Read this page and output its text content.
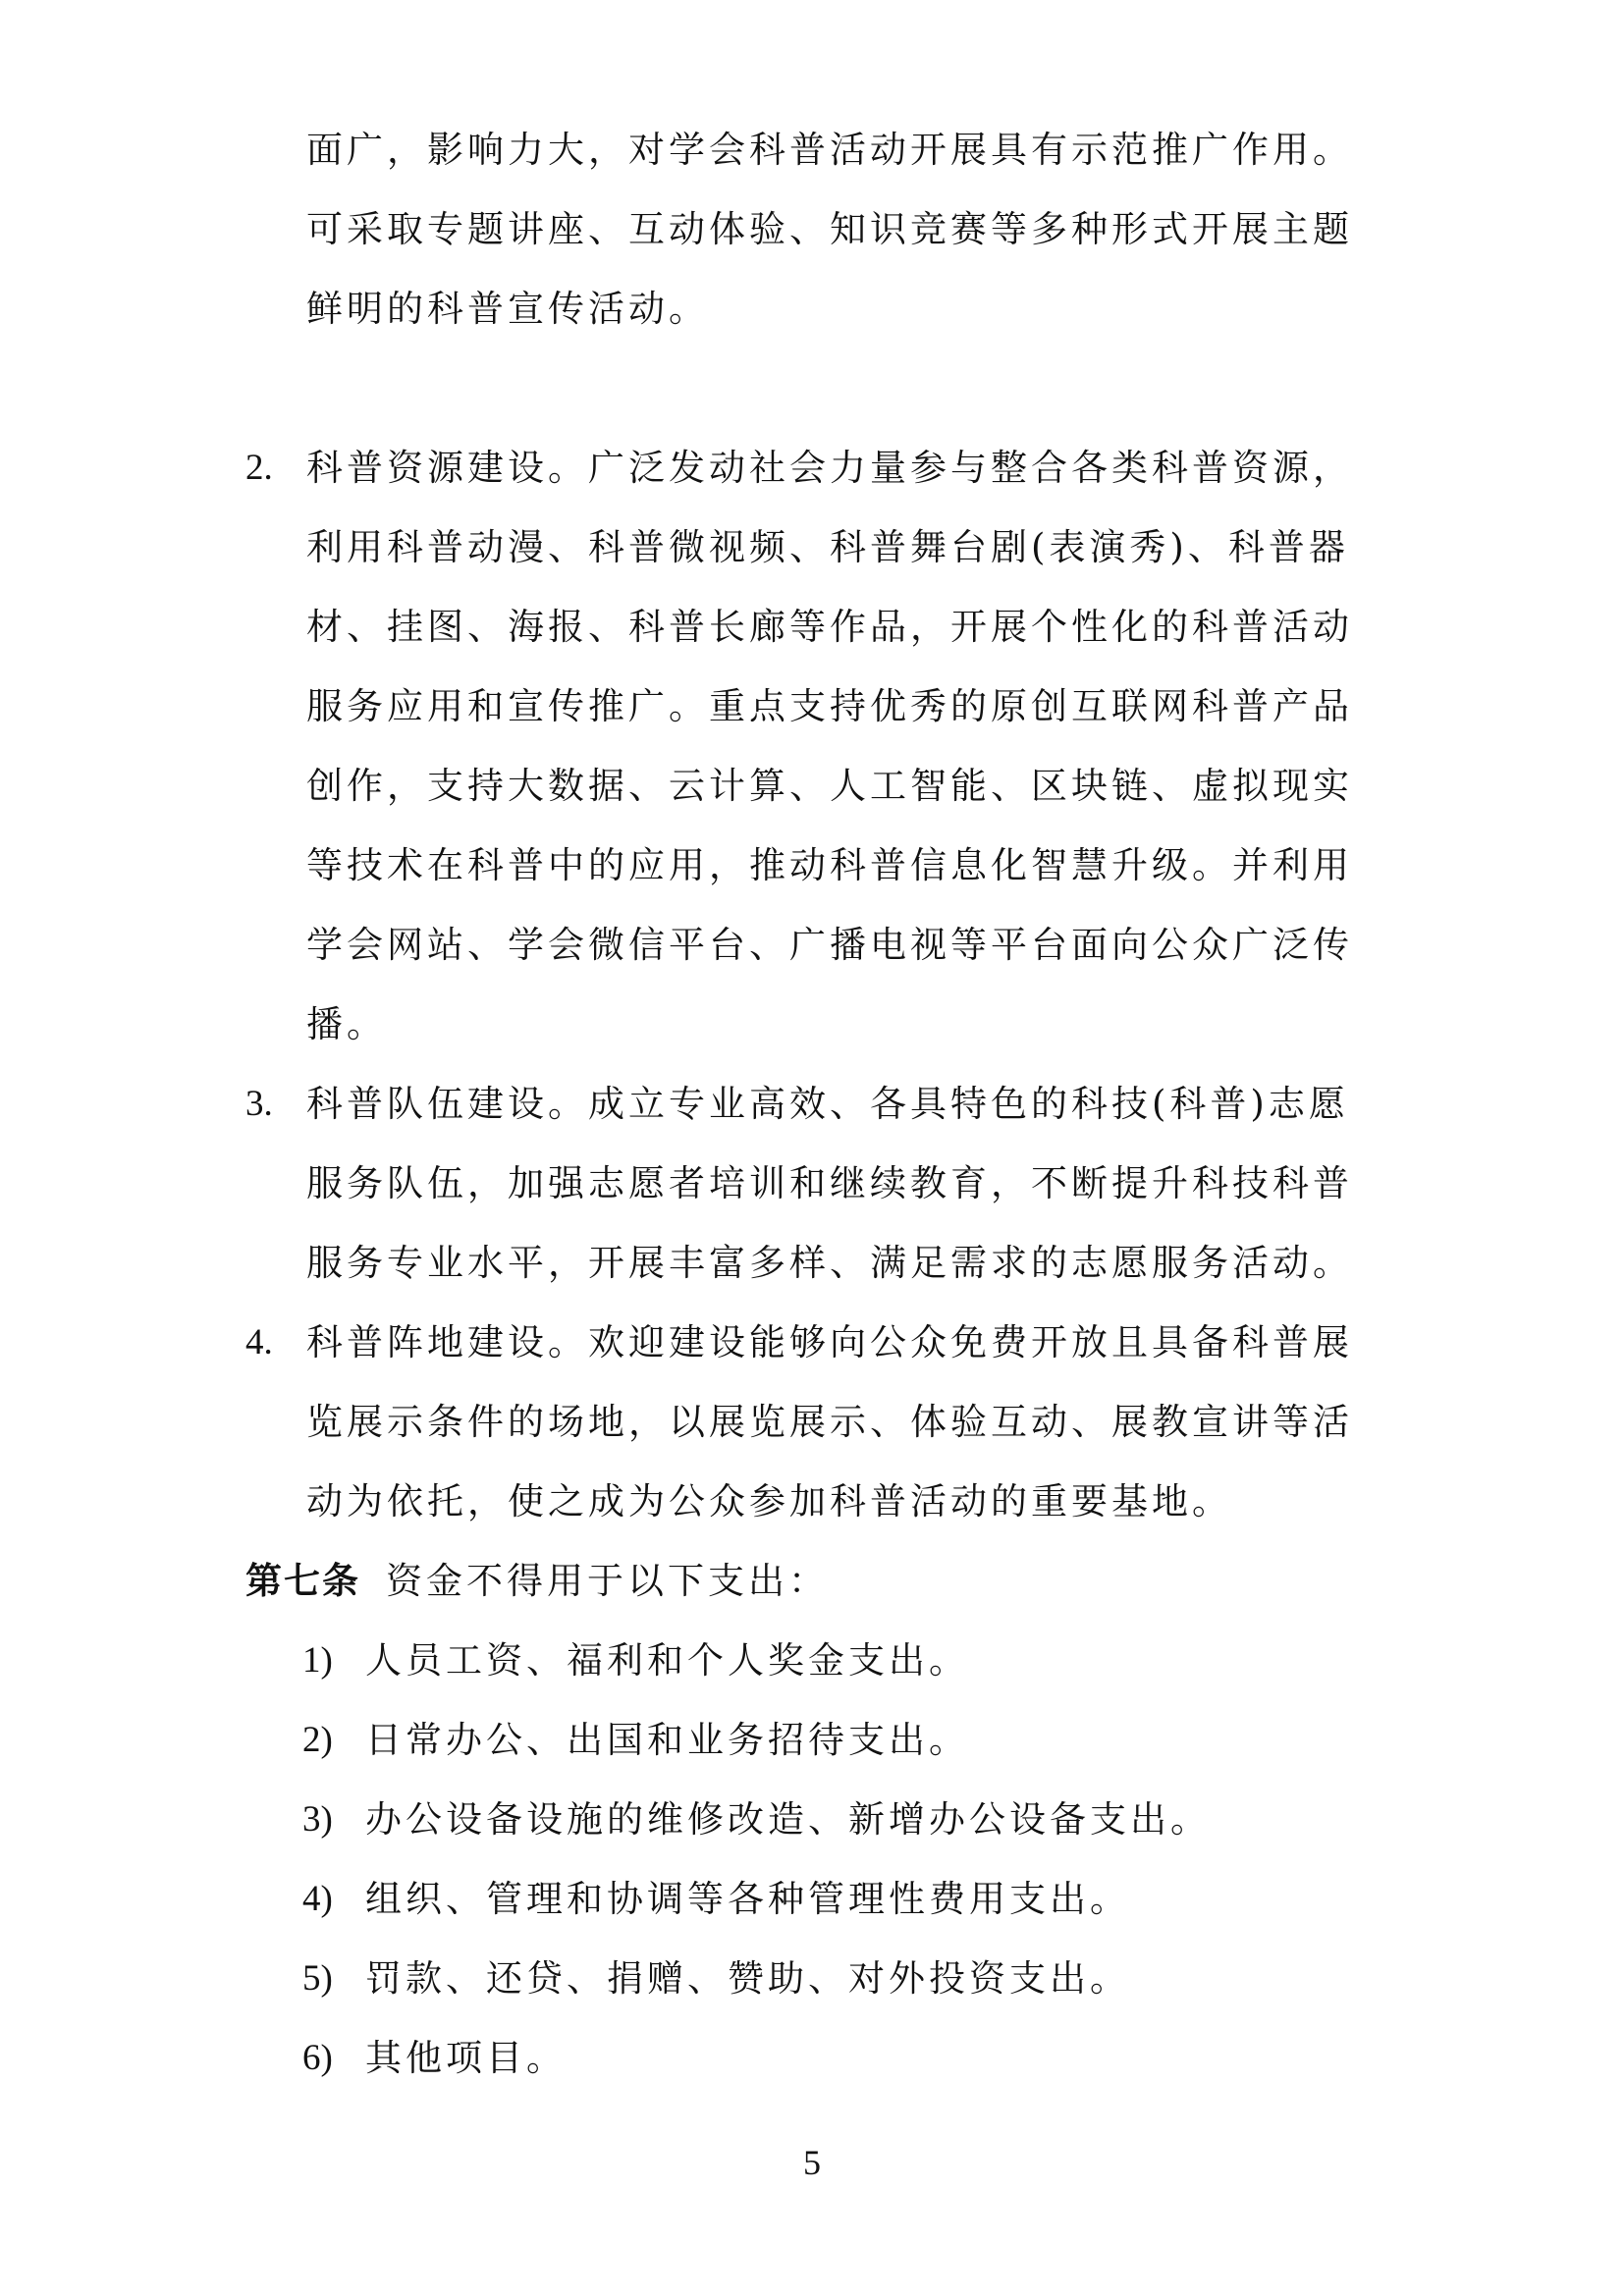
面广，影响力大，对学会科普活动开展具有示范推广作用。
可采取专题讲座、互动体验、知识竞赛等多种形式开展主题
鲜明的科普宣传活动。
2. 科普资源建设。广泛发动社会力量参与整合各类科普资源，
利用科普动漫、科普微视频、科普舞台剧(表演秀)、科普器
材、挂图、海报、科普长廊等作品，开展个性化的科普活动
服务应用和宣传推广。重点支持优秀的原创互联网科普产品
创作，支持大数据、云计算、人工智能、区块链、虚拟现实
等技术在科普中的应用，推动科普信息化智慧升级。并利用
学会网站、学会微信平台、广播电视等平台面向公众广泛传
播。
3. 科普队伍建设。成立专业高效、各具特色的科技(科普)志愿
服务队伍，加强志愿者培训和继续教育，不断提升科技科普
服务专业水平，开展丰富多样、满足需求的志愿服务活动。
4. 科普阵地建设。欢迎建设能够向公众免费开放且具备科普展
览展示条件的场地，以展览展示、体验互动、展教宣讲等活
动为依托，使之成为公众参加科普活动的重要基地。
第七条 资金不得用于以下支出：
1) 人员工资、福利和个人奖金支出。
2) 日常办公、出国和业务招待支出。
3) 办公设备设施的维修改造、新增办公设备支出。
4) 组织、管理和协调等各种管理性费用支出。
5) 罚款、还贷、捐赠、赞助、对外投资支出。
6) 其他项目。
5
